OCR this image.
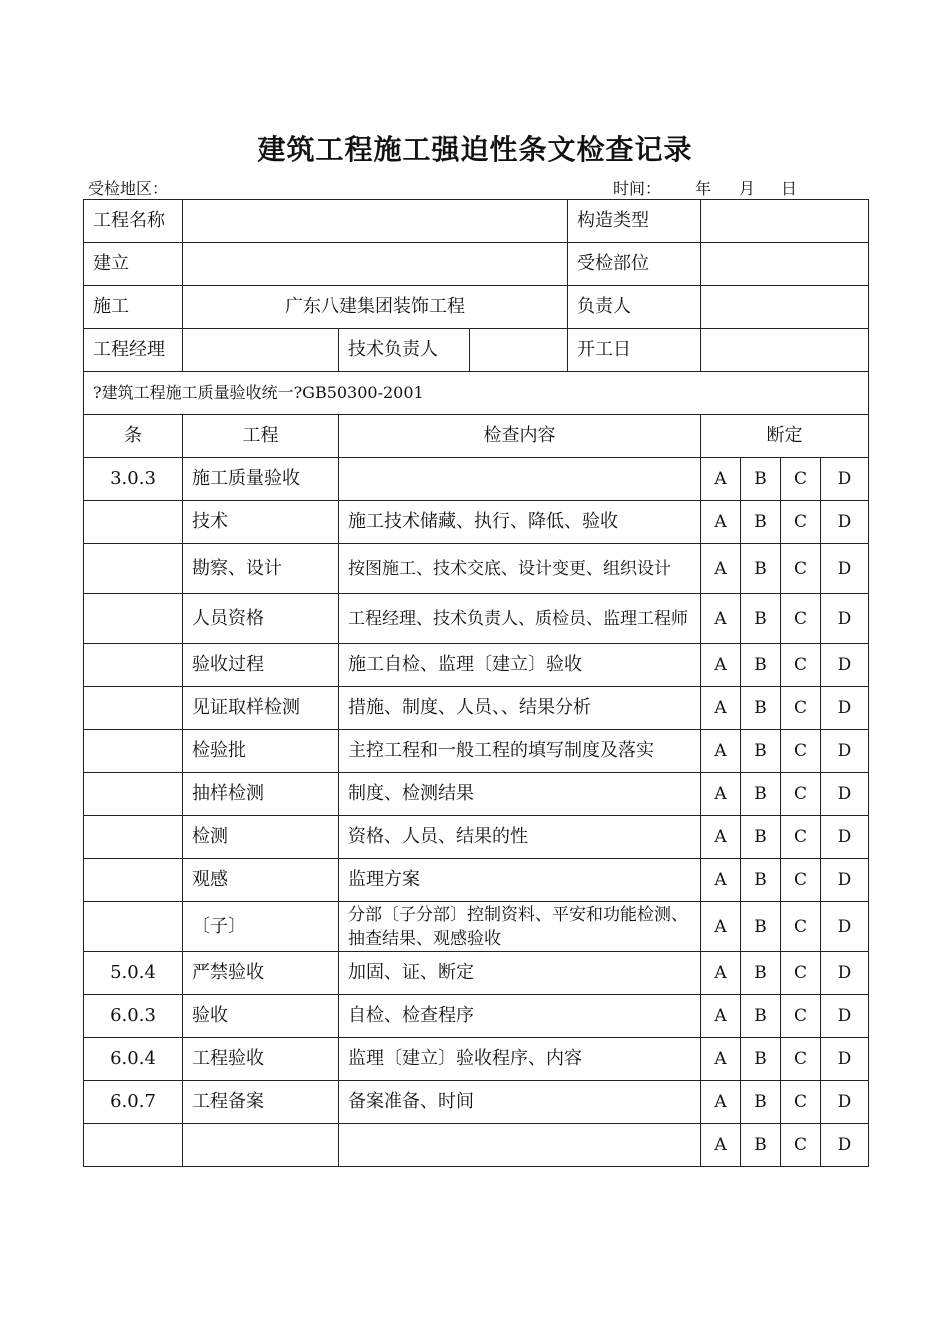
建筑工程施工强迫性条文检查记录
受检地区：	时间： 年 月 日
工程名称				构造类型				
建立				受检部位				
施工	广东八建集团装饰工程			负责人				
工程经理		技术负责人		开工日				
?建筑工程施工质量验收统一?GB50300-2001								
条	工程	检查内容			断定			
3.0.3	施工质量验收				A	B	C	D
	技术	施工技术储藏、执行、降低、验收			A	B	C	D
	勘察、设计	按图施工、技术交底、设计变更、组织设计			A	B	C	D
	人员资格	工程经理、技术负责人、质检员、监理工程师			A	B	C	D
	验收过程	施工自检、监理〔建立〕验收			A	B	C	D
	见证取样检测	措施、制度、人员、、结果分析			A	B	C	D
	检验批	主控工程和一般工程的填写制度及落实			A	B	C	D
	抽样检测	制度、检测结果			A	B	C	D
	检测	资格、人员、结果的性			A	B	C	D
	观感	监理方案			A	B	C	D
	〔子〕	分部〔子分部〕控制资料、平安和功能检测、抽查结果、观感验收			A	B	C	D
5.0.4	严禁验收	加固、证、断定			A	B	C	D
6.0.3	验收	自检、检查程序			A	B	C	D
6.0.4	工程验收	监理〔建立〕验收程序、内容			A	B	C	D
6.0.7	工程备案	备案准备、时间			A	B	C	D
					A	B	C	D
